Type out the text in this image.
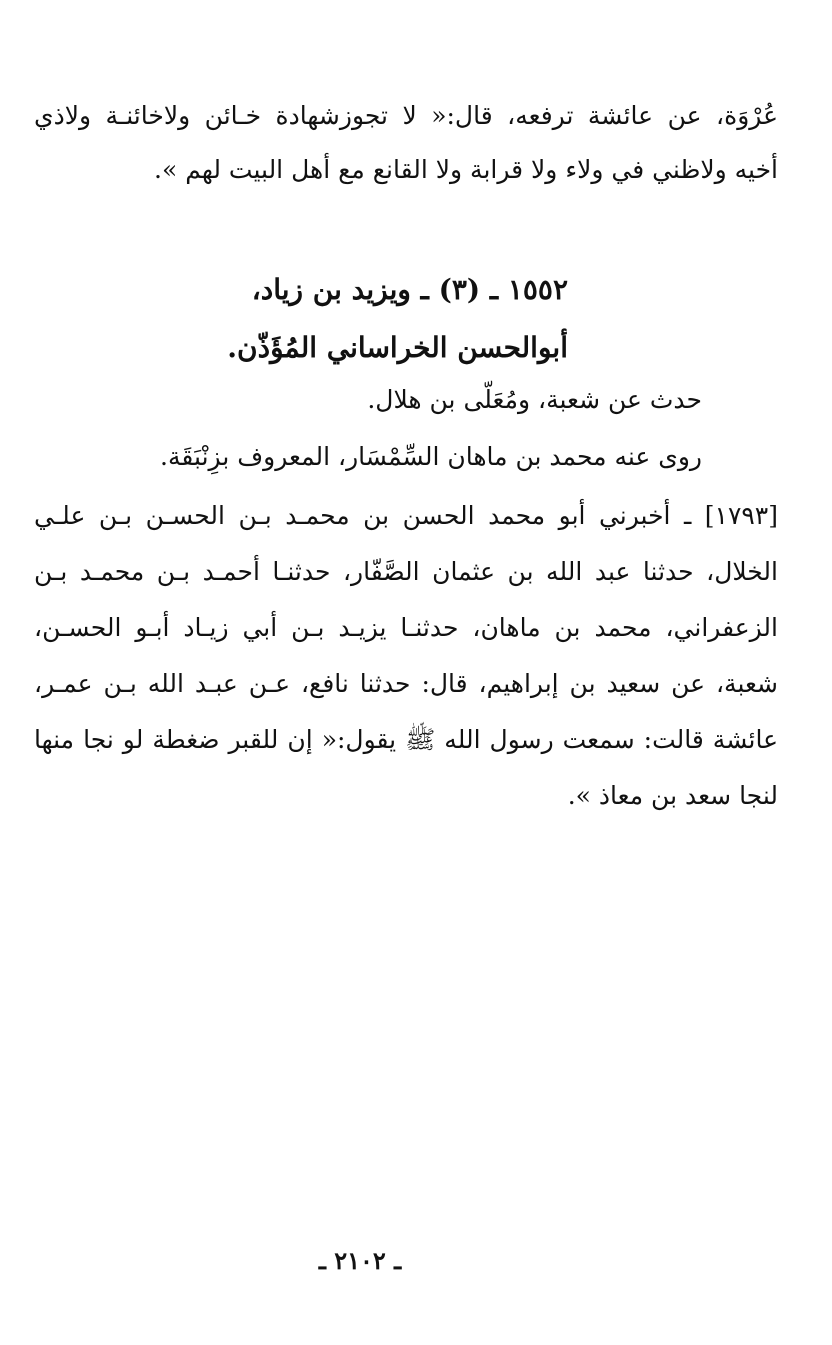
عُرْوَة، عن عائشة ترفعه، قال:« لا تجوزشهادة خـائن ولاخائنـة ولاذي
أخيه ولاظني في ولاء ولا قرابة ولا القانع مع أهل البيت لهم ».
١٥٥٢ ـ (٣) ـ ويزيد بن زياد،
أبوالحسن الخراساني المُؤَذّن.
حدث عن شعبة، ومُعَلّى بن هلال.
روى عنه محمد بن ماهان السِّمْسَار، المعروف بزِنْبَقَة.
[١٧٩٣] ـ أخبرني أبو محمد الحسن بن محمـد بـن الحسـن بـن علـي
الخلال، حدثنا عبد الله بن عثمان الصَّفّار، حدثنـا أحمـد بـن محمـد بـن
الزعفراني، محمد بن ماهان، حدثنـا يزيـد بـن أبي زيـاد أبـو الحسـن،
شعبة، عن سعيد بن إبراهيم، قال: حدثنا نافع، عـن عبـد الله بـن عمـر،
عائشة قالت: سمعت رسول الله ﷺ يقول:« إن للقبر ضغطة لو نجا منها
لنجا سعد بن معاذ ».
ـ ٢١٠٢ ـ
